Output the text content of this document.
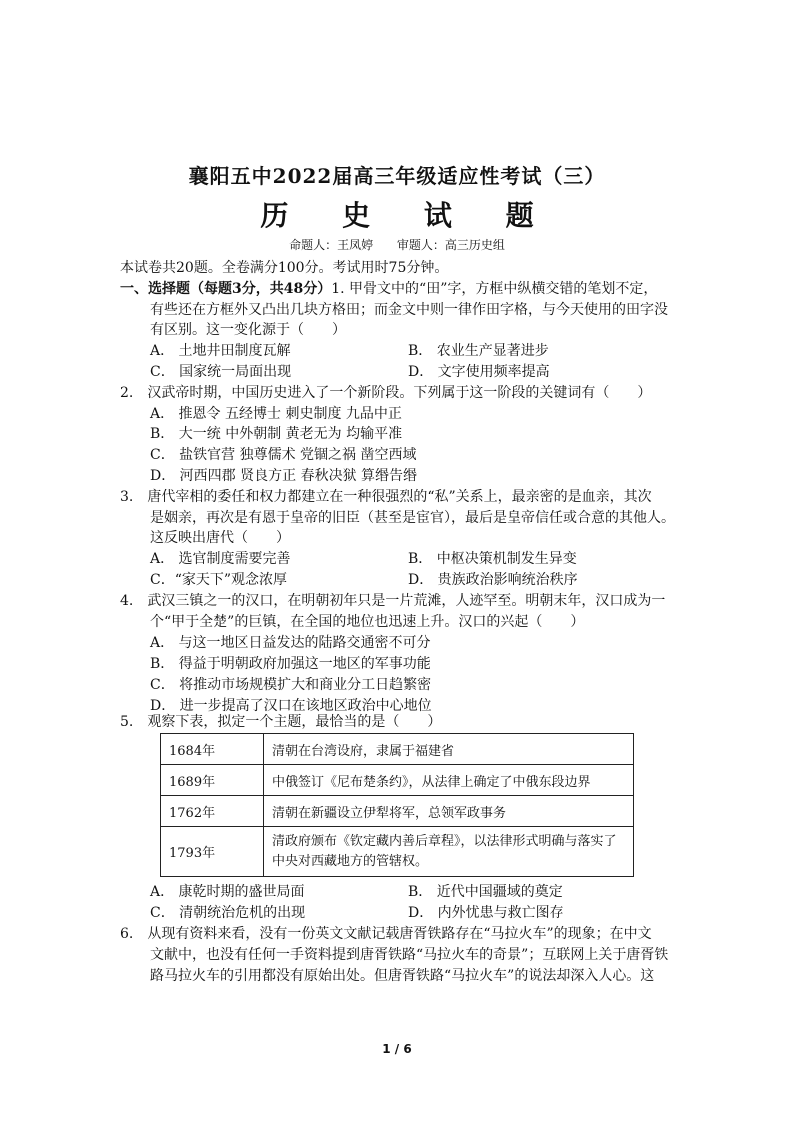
襄阳五中2022届高三年级适应性考试（三）
历 史 试 题
命题人：王凤婷 审题人：高三历史组
本试卷共20题。全卷满分100分。考试用时75分钟。
一、选择题（每题3分，共48分）1. 甲骨文中的“田”字，方框中纵横交错的笔划不定，
有些还在方框外又凸出几块方格田；而金文中则一律作田字格，与今天使用的田字没
有区别。这一变化源于（　　）
A． 土地井田制度瓦解	B． 农业生产显著进步
C． 国家统一局面出现	D． 文字使用频率提高
2.　汉武帝时期，中国历史进入了一个新阶段。下列属于这一阶段的关键词有（　　）
A． 推恩令 五经博士 刺史制度 九品中正
B． 大一统 中外朝制 黄老无为 均输平准
C． 盐铁官营 独尊儒术 党锢之祸 凿空西域
D． 河西四郡 贤良方正 春秋决狱 算缗告缗
3.　唐代宰相的委任和权力都建立在一种很强烈的“私”关系上，最亲密的是血亲，其次
是姻亲，再次是有恩于皇帝的旧臣（甚至是宦官），最后是皇帝信任或合意的其他人。
这反映出唐代（　　）
A． 选官制度需要完善	B． 中枢决策机制发生异变
C．“家天下”观念浓厚	D． 贵族政治影响统治秩序
4.　武汉三镇之一的汉口，在明朝初年只是一片荒滩，人迹罕至。明朝末年，汉口成为一
个“甲于全楚”的巨镇，在全国的地位也迅速上升。汉口的兴起（　　）
A． 与这一地区日益发达的陆路交通密不可分
B． 得益于明朝政府加强这一地区的军事功能
C． 将推动市场规模扩大和商业分工日趋繁密
D． 进一步提高了汉口在该地区政治中心地位
5.　观察下表，拟定一个主题，最恰当的是（　　）
1684年	清朝在台湾设府，隶属于福建省
1689年	中俄签订《尼布楚条约》，从法律上确定了中俄东段边界
1762年	清朝在新疆设立伊犁将军，总领军政事务
1793年	清政府颁布《钦定藏内善后章程》，以法律形式明确与落实了中央对西藏地方的管辖权。
A． 康乾时期的盛世局面	B． 近代中国疆域的奠定
C． 清朝统治危机的出现	D． 内外忧患与救亡图存
6.　从现有资料来看，没有一份英文文献记载唐胥铁路存在“马拉火车”的现象；在中文
文献中，也没有任何一手资料提到唐胥铁路“马拉火车的奇景”；互联网上关于唐胥铁
路马拉火车的引用都没有原始出处。但唐胥铁路“马拉火车”的说法却深入人心。这
1 / 6
